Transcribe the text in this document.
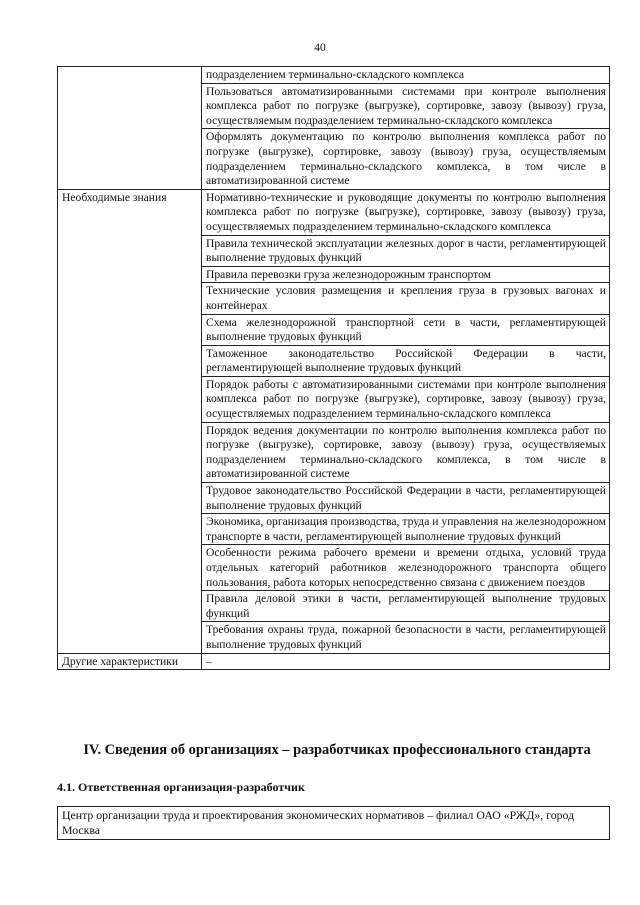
40
	подразделением терминально-складского комплекса
	Пользоваться автоматизированными системами при контроле выполнения комплекса работ по погрузке (выгрузке), сортировке, завозу (вывозу) груза, осуществляемым подразделением терминально-складского комплекса
	Оформлять документацию по контролю выполнения комплекса работ по погрузке (выгрузке), сортировке, завозу (вывозу) груза, осуществляемым подразделением терминально-складского комплекса, в том числе в автоматизированной системе
Необходимые знания	Нормативно-технические и руководящие документы по контролю выполнения комплекса работ по погрузке (выгрузке), сортировке, завозу (вывозу) груза, осуществляемых подразделением терминально-складского комплекса
	Правила технической эксплуатации железных дорог в части, регламентирующей выполнение трудовых функций
	Правила перевозки груза железнодорожным транспортом
	Технические условия размещения и крепления груза в грузовых вагонах и контейнерах
	Схема железнодорожной транспортной сети в части, регламентирующей выполнение трудовых функций
	Таможенное законодательство Российской Федерации в части, регламентирующей выполнение трудовых функций
	Порядок работы с автоматизированными системами при контроле выполнения комплекса работ по погрузке (выгрузке), сортировке, завозу (вывозу) груза, осуществляемых подразделением терминально-складского комплекса
	Порядок ведения документации по контролю выполнения комплекса работ по погрузке (выгрузке), сортировке, завозу (вывозу) груза, осуществляемых подразделением терминально-складского комплекса, в том числе в автоматизированной системе
	Трудовое законодательство Российской Федерации в части, регламентирующей выполнение трудовых функций
	Экономика, организация производства, труда и управления на железнодорожном транспорте в части, регламентирующей выполнение трудовых функций
	Особенности режима рабочего времени и времени отдыха, условий труда отдельных категорий работников железнодорожного транспорта общего пользования, работа которых непосредственно связана с движением поездов
	Правила деловой этики в части, регламентирующей выполнение трудовых функций
	Требования охраны труда, пожарной безопасности в части, регламентирующей выполнение трудовых функций
Другие характеристики	–
IV. Сведения об организациях – разработчиках профессионального стандарта
4.1. Ответственная организация-разработчик
Центр организации труда и проектирования экономических нормативов – филиал ОАО «РЖД», город Москва
